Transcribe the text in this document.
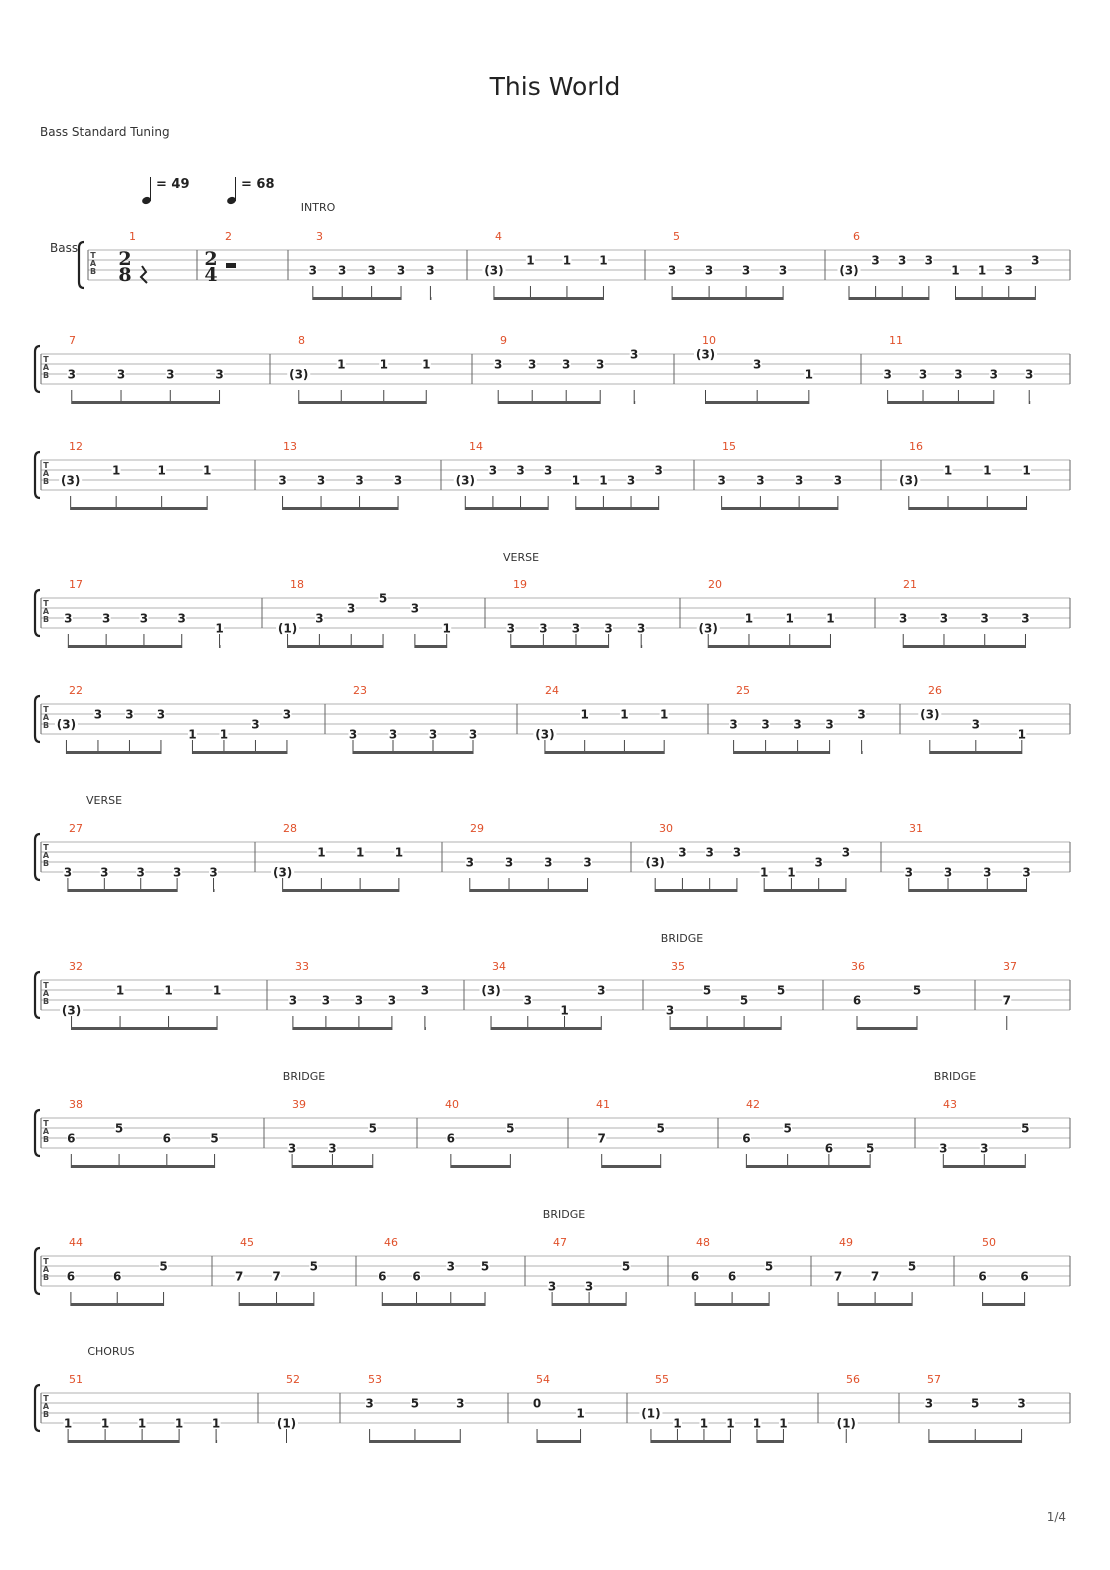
This World
Bass Standard Tuning
= 49	= 68
Bass
1/4
T
A
B
1	2	3
3 3 3 3 3
4
(3)
1 1 1
5
3 3 3 3
6
(3)
3 3 3
1 1 3
3
T
A
B
7
3	3	3	3
8
(3)
1	1	1
9
3 3 3 3
3
10
(3)
3
1
11
3 3 3 3 3
T
A
B
12
(3)
1	1	1
13
3	3	3	3
14
(3)
3 3 3
1 1 3
3
15
3	3	3	3
16
(3)
1	1	1
T
A
B
17
3 3 3 3
1
18
(1)
3
3
5
3
1
19
3 3 3 3 3
20
(3)
1	1	1
21
3	3	3	3
T
A
B
22
(3)
3 3 3
1 1
3
3
23
3	3	3	3
24
(3)
1	1	1
25
3 3 3 3
3
26
(3)
3
1
T
A
B
27
3 3 3 3 3
28
(3)
1	1	1
29
3	3	3	3
30
(3)
3 3 3
1 1
3
3
31
3	3	3	3
T
A
B
32
(3)
1	1	1
33
3 3 3 3
3
34
(3)
3
1
3
35
3
5
5
5
36
6
5
37
7
T
A
B
38
6
5
6	5
39
3	3
5
40
6
5
41
7
5
42
6
5
6	5
43
3	3
5
T
A
B
44
6	6
5
45
7 7
5
46
6 6
3 5
47
3 3
5
48
6 6
5
49
7 7
5
50
6	6
T
A
B
51
1 1 1 1 1
52
(1)
53
3	5	3
54
0
1
55
(1)
1 1 1 1 1
56
(1)
57
3	5	3
2
8
2
4
INTRO
VERSE
VERSE
BRIDGE
BRIDGE	BRIDGE
BRIDGE
CHORUS
